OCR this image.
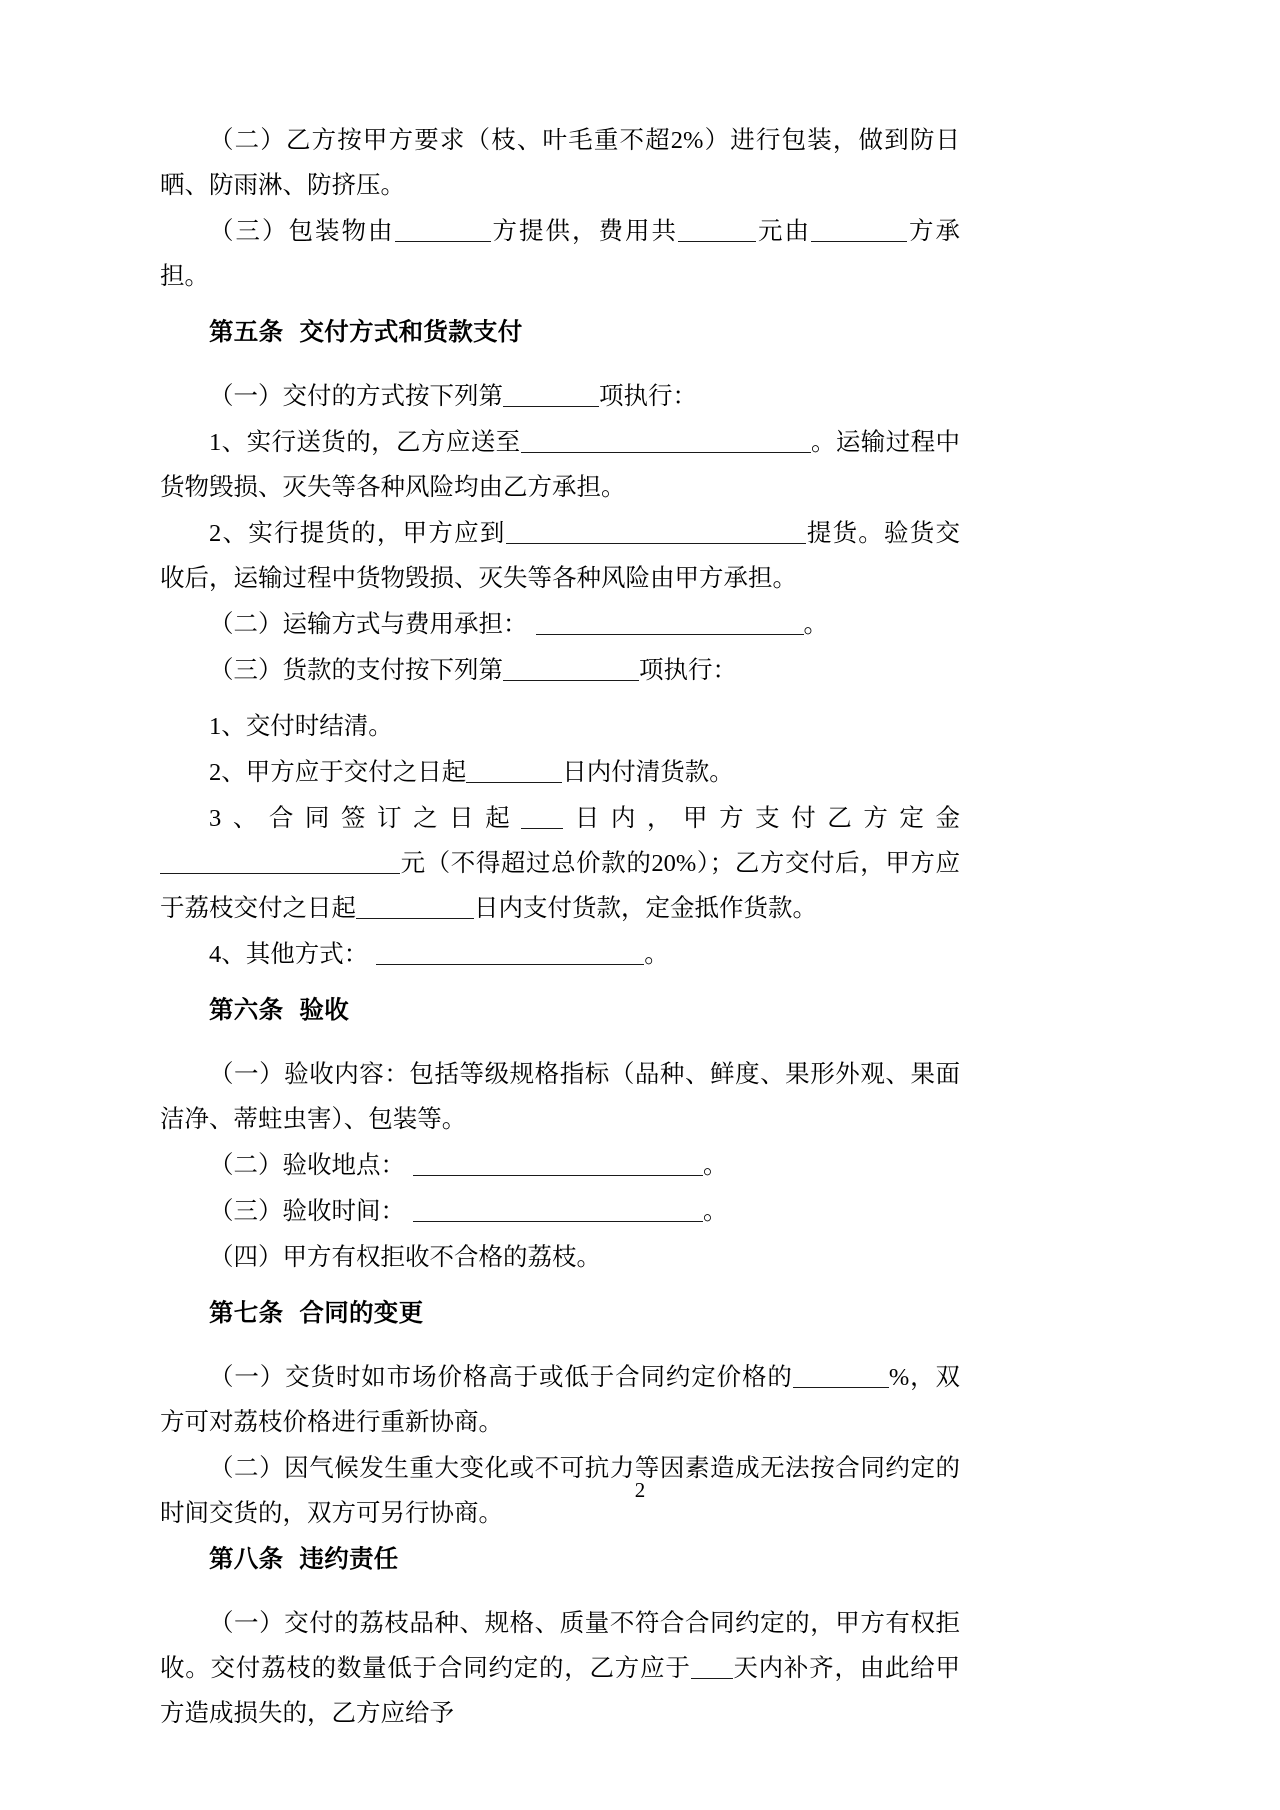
（二）乙方按甲方要求（枝、叶毛重不超2%）进行包装，做到防日晒、防雨淋、防挤压。

（三）包装物由	方提供，费用共	元由	方承担。

第五条 交付方式和货款支付

（一）交付的方式按下列第	项执行：

1、实行送货的，乙方应送至	。运输过程中货物毁损、灭失等各种风险均由乙方承担。

2、实行提货的，甲方应到	提货。验货交收后，运输过程中货物毁损、灭失等各种风险由甲方承担。

（二）运输方式与费用承担：	。

（三）货款的支付按下列第	项执行：

1、交付时结清。

2、甲方应于交付之日起	日内付清货款。

3、合同签订之日起 日内，甲方支付乙方定金元（不得超过总价款的20%）；乙方交付后，甲方应于荔枝交付之日起	日内支付货款，定金抵作货款。

4、其他方式：	。

第六条 验收

（一）验收内容：包括等级规格指标（品种、鲜度、果形外观、果面洁净、蒂蛀虫害）、包装等。

（二）验收地点：	。

（三）验收时间：	。

（四）甲方有权拒收不合格的荔枝。

第七条 合同的变更

（一）交货时如市场价格高于或低于合同约定价格的	%，双方可对荔枝价格进行重新协商。

（二）因气候发生重大变化或不可抗力等因素造成无法按合同约定的时间交货的，双方可另行协商。

第八条 违约责任

（一）交付的荔枝品种、规格、质量不符合合同约定的，甲方有权拒收。交付荔枝的数量低于合同约定的，乙方应于 天内补齐，由此给甲方造成损失的，乙方应给予

2
